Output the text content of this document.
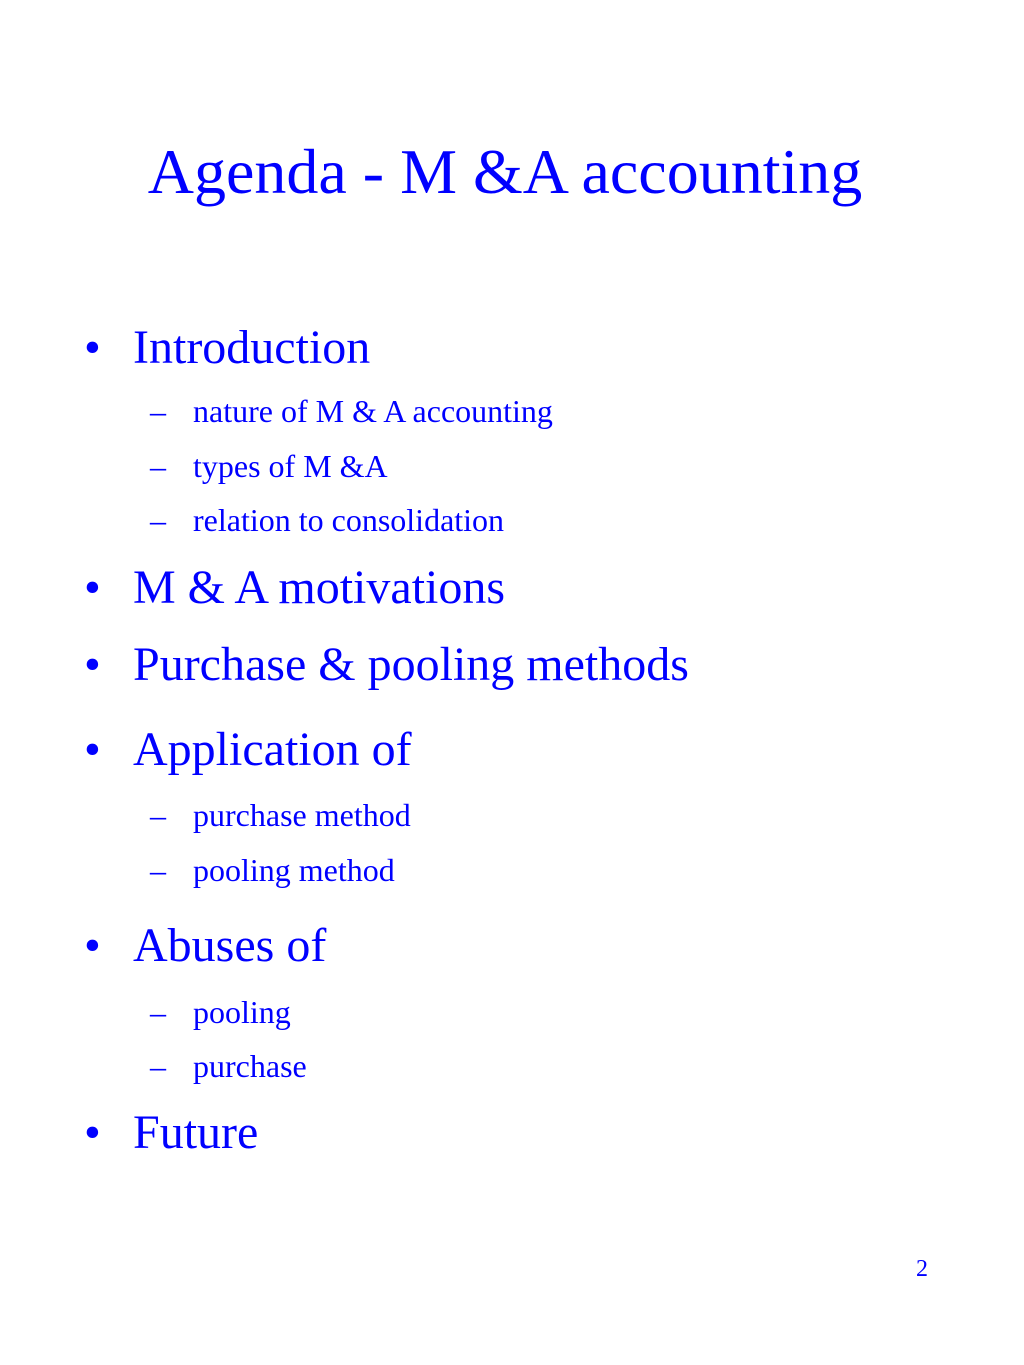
Agenda - M &A accounting
• Introduction
– nature of M & A accounting
– types of M &A
– relation to consolidation
• M & A motivations
• Purchase & pooling methods
• Application of
– purchase method
– pooling method
• Abuses of
– pooling
– purchase
• Future
2
